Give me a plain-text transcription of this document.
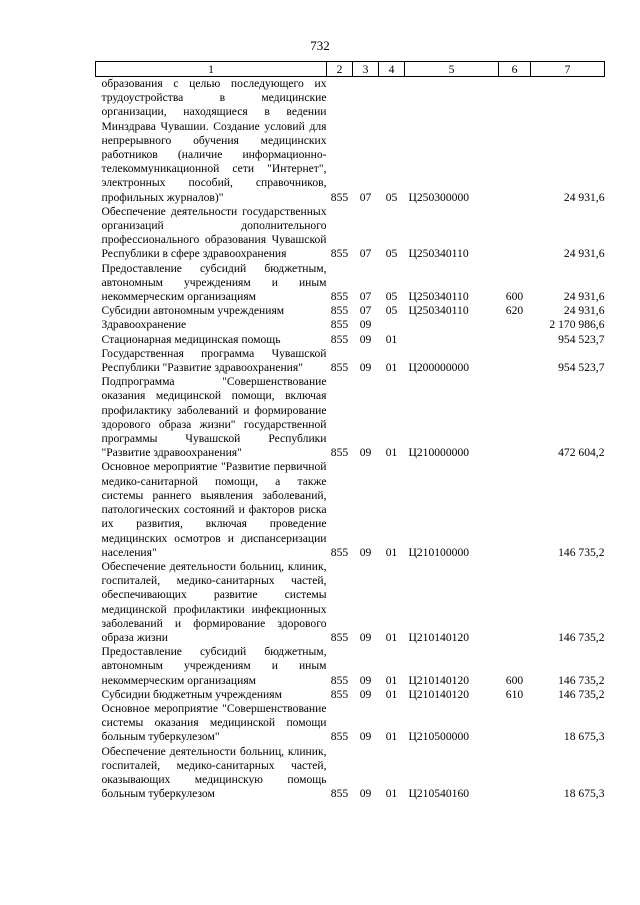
732
1	2	3	4	5	6	7
образования с целью последующего их трудоустройства в медицинские организации, находящиеся в ведении Минздрава Чувашии. Создание условий для непрерывного обучения медицинских работников (наличие информационно-телекоммуникационной сети "Интернет", электронных пособий, справочников, профильных журналов)"	855	07	05	Ц250300000		24 931,6
Обеспечение деятельности государственных организаций дополнительного профессионального образования Чувашской Республики в сфере здравоохранения	855	07	05	Ц250340110		24 931,6
Предоставление субсидий бюджетным, автономным учреждениям и иным некоммерческим организациям	855	07	05	Ц250340110	600	24 931,6
Субсидии автономным учреждениям	855	07	05	Ц250340110	620	24 931,6
Здравоохранение	855	09				2 170 986,6
Стационарная медицинская помощь	855	09	01			954 523,7
Государственная программа Чувашской Республики "Развитие здравоохранения"	855	09	01	Ц200000000		954 523,7
Подпрограмма "Совершенствование оказания медицинской помощи, включая профилактику заболеваний и формирование здорового образа жизни" государственной программы Чувашской Республики "Развитие здравоохранения"	855	09	01	Ц210000000		472 604,2
Основное мероприятие "Развитие первичной медико-санитарной помощи, а также системы раннего выявления заболеваний, патологических состояний и факторов риска их развития, включая проведение медицинских осмотров и диспансеризации населения"	855	09	01	Ц210100000		146 735,2
Обеспечение деятельности больниц, клиник, госпиталей, медико-санитарных частей, обеспечивающих развитие системы медицинской профилактики инфекционных заболеваний и формирование здорового образа жизни	855	09	01	Ц210140120		146 735,2
Предоставление субсидий бюджетным, автономным учреждениям и иным некоммерческим организациям	855	09	01	Ц210140120	600	146 735,2
Субсидии бюджетным учреждениям	855	09	01	Ц210140120	610	146 735,2
Основное мероприятие "Совершенствование системы оказания медицинской помощи больным туберкулезом"	855	09	01	Ц210500000		18 675,3
Обеспечение деятельности больниц, клиник, госпиталей, медико-санитарных частей, оказывающих медицинскую помощь больным туберкулезом	855	09	01	Ц210540160		18 675,3
